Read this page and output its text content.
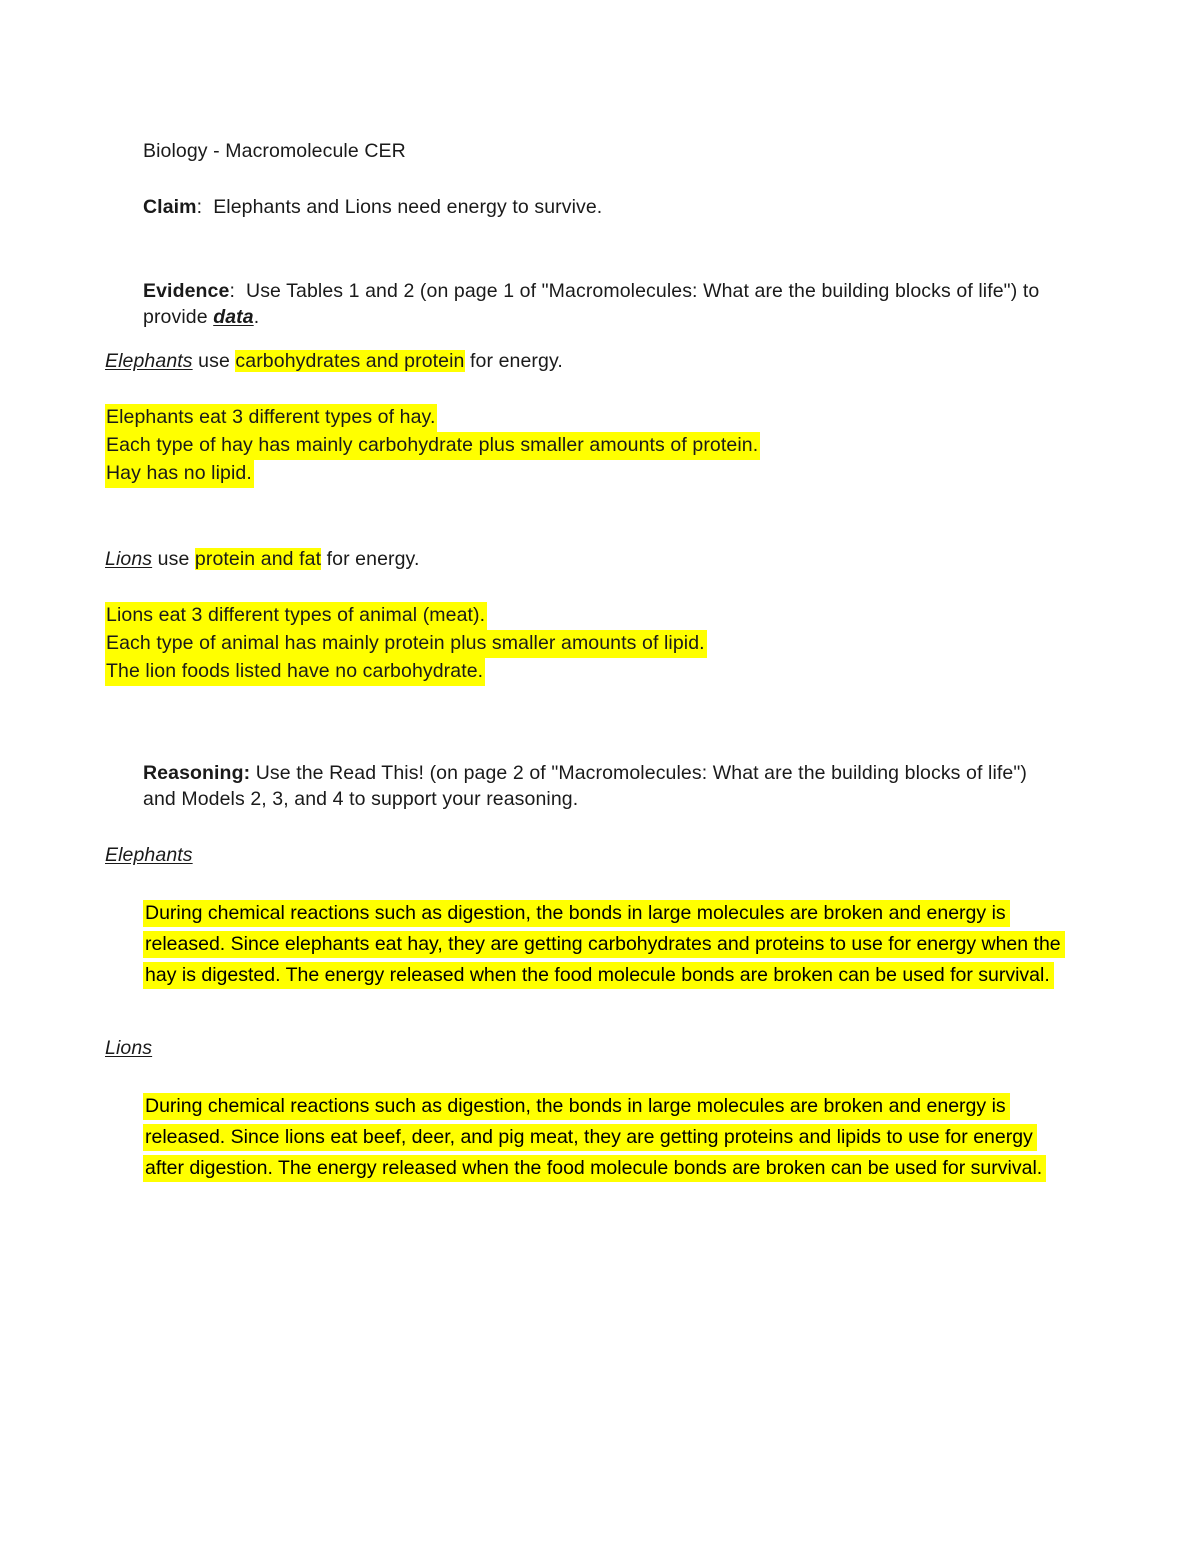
Biology - Macromolecule CER
Claim: Elephants and Lions need energy to survive.
Evidence: Use Tables 1 and 2 (on page 1 of "Macromolecules: What are the building blocks of life") to provide data.
Elephants use carbohydrates and protein for energy.
Elephants eat 3 different types of hay.
Each type of hay has mainly carbohydrate plus smaller amounts of protein.
Hay has no lipid.
Lions use protein and fat for energy.
Lions eat 3 different types of animal (meat).
Each type of animal has mainly protein plus smaller amounts of lipid.
The lion foods listed have no carbohydrate.
Reasoning: Use the Read This! (on page 2 of "Macromolecules: What are the building blocks of life") and Models 2, 3, and 4 to support your reasoning.
Elephants
During chemical reactions such as digestion, the bonds in large molecules are broken and energy is released. Since elephants eat hay, they are getting carbohydrates and proteins to use for energy when the hay is digested. The energy released when the food molecule bonds are broken can be used for survival.
Lions
During chemical reactions such as digestion, the bonds in large molecules are broken and energy is released. Since lions eat beef, deer, and pig meat, they are getting proteins and lipids to use for energy after digestion. The energy released when the food molecule bonds are broken can be used for survival.
